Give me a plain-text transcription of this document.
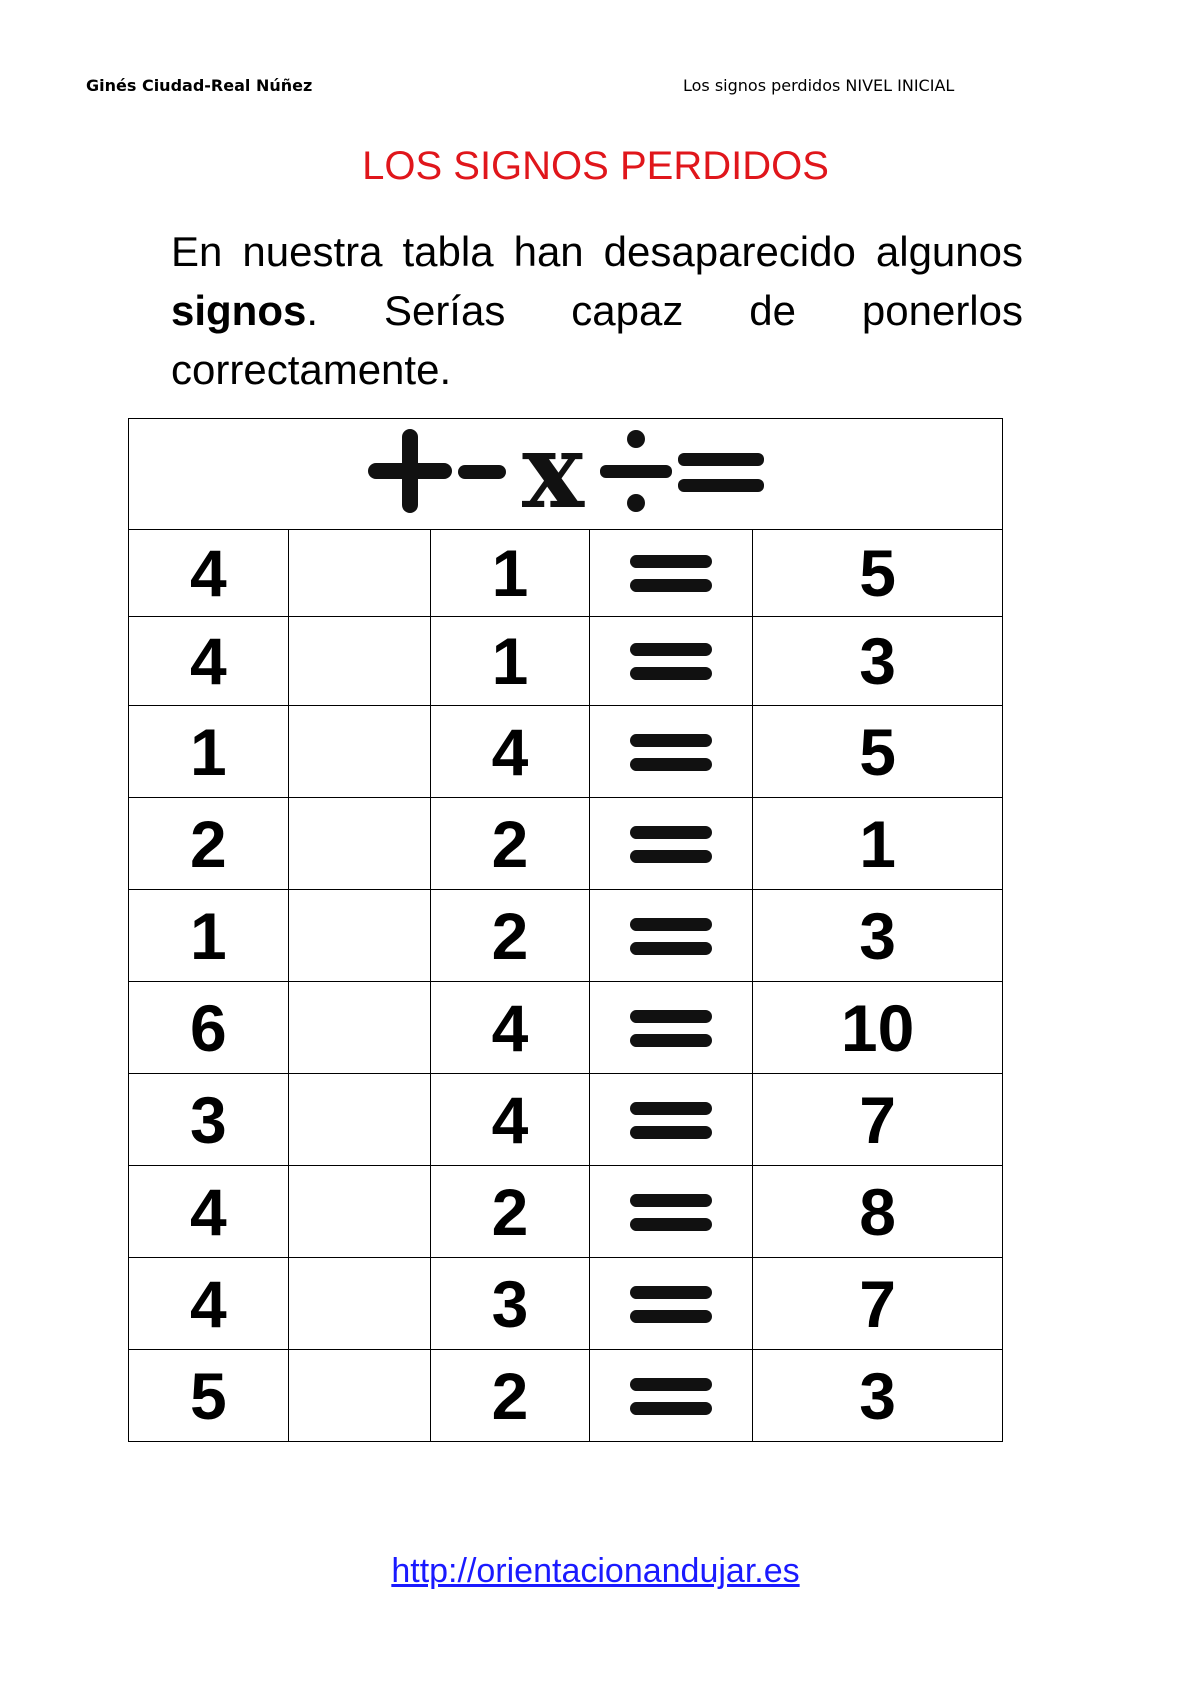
Ginés Ciudad-Real Núñez	Los signos perdidos NIVEL INICIAL
LOS SIGNOS PERDIDOS
En nuestra tabla han desaparecido algunos signos. Serías capaz de ponerlos correctamente.
x				

4		1		5
4		1		3
1		4		5
2		2		1
1		2		3
6		4		10
3		4		7
4		2		8
4		3		7
5		2		3
http://orientacionandujar.es
